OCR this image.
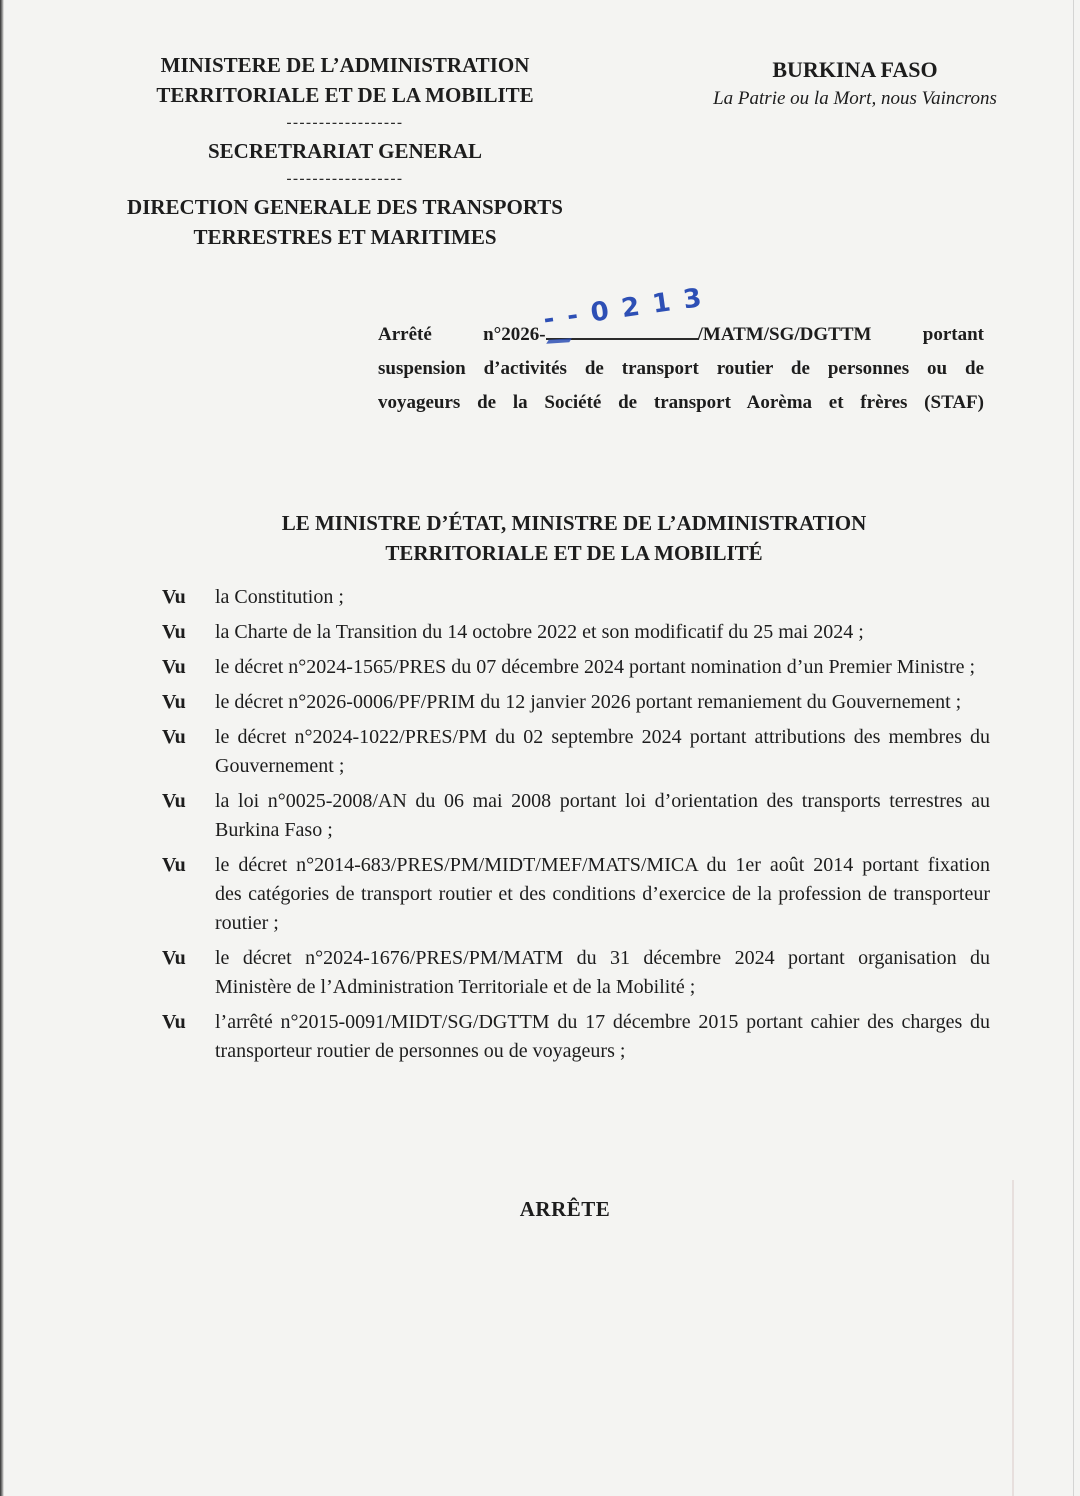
MINISTERE DE L’ADMINISTRATION
TERRITORIALE ET DE LA MOBILITE
------------------
SECRETRARIAT GENERAL
------------------
DIRECTION GENERALE DES TRANSPORTS
TERRESTRES ET MARITIMES
BURKINA FASO
La Patrie ou la Mort, nous Vaincrons
Arrêté n°2026-
- - 0 2 1 3
/MATM/SG/DGTTM portant
suspension d’activités de transport routier de personnes ou de
voyageurs de la Société de transport Aorèma et frères (STAF)
LE MINISTRE D’ÉTAT, MINISTRE DE L’ADMINISTRATION
TERRITORIALE ET DE LA MOBILITÉ
Vu	la Constitution ;
Vu	la Charte de la Transition du 14 octobre 2022 et son modificatif du 25 mai 2024 ;
Vu	le décret n°2024-1565/PRES du 07 décembre 2024 portant nomination d’un Premier Ministre ;
Vu	le décret n°2026-0006/PF/PRIM du 12 janvier 2026 portant remaniement du Gouvernement ;
Vu	le décret n°2024-1022/PRES/PM du 02 septembre 2024 portant attributions des membres du Gouvernement ;
Vu	la loi n°0025-2008/AN du 06 mai 2008 portant loi d’orientation des transports terrestres au Burkina Faso ;
Vu	le décret n°2014-683/PRES/PM/MIDT/MEF/MATS/MICA du 1er août 2014 portant fixation des catégories de transport routier et des conditions d’exercice de la profession de transporteur routier ;
Vu	le décret n°2024-1676/PRES/PM/MATM du 31 décembre 2024 portant organisation du Ministère de l’Administration Territoriale et de la Mobilité ;
Vu	l’arrêté n°2015-0091/MIDT/SG/DGTTM du 17 décembre 2015 portant cahier des charges du transporteur routier de personnes ou de voyageurs ;
ARRÊTE
